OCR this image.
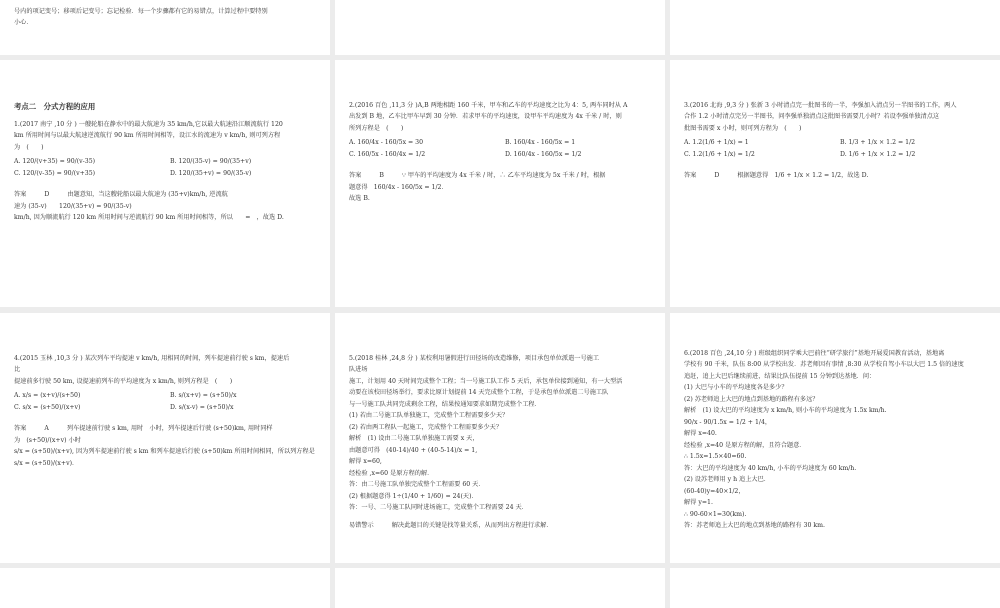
号内的项记变号；移项后记变号；忘记检验．每一个步骤都有它的易错点，计算过程中要特别

小心．

考点二　分式方程的应用

1.(2017 南宁 ,10 分 ) 一艘轮船在静水中的最大航速为 35 km/h,它以最大航速沿江顺流航行 120

km 所用时间与以最大航速逆流航行 90 km 所用时间相等，设江水的流速为 v km/h, 则可列方程

为　(　　)

A. 120/(v+35) = 90/(v-35)	B. 120/(35-v) = 90/(35+v)
C. 120/(v-35) = 90/(v+35)	D. 120/(35+v) = 90/(35-v)

答案	D	由题意知，当这艘轮船以最大航速为 (35+v)km/h, 逆流航

速为 (35-v)　　120/(35+v) = 90/(35-v)

km/h, 因为顺流航行 120 km 所用时间与逆流航行 90 km 所用时间相等，所以　　=　，故选 D.

2.(2016 百色 ,11,3 分 )A,B 两地相距 160 千米，甲车和乙车的平均速度之比为 4：5, 两车同时从 A

出发到 B 地，乙车比甲车早到 30 分钟．若求甲车的平均速度，设甲车平均速度为 4x 千米 / 时，则

所列方程是　(　　)

A. 160/4x - 160/5x = 30	B. 160/4x - 160/5x = 1
C. 160/5x - 160/4x = 1/2	D. 160/4x - 160/5x = 1/2

答案	B	∵ 甲车的平均速度为 4x 千米 / 时，∴ 乙车平均速度为 5x 千米 / 时，根据

题意得　160/4x - 160/5x = 1/2．

故选 B.

3.(2016 北海 ,9,3 分 ) 张新 3 小时清点完一批图书的一半，李强加入清点另一半图书的工作，两人

合作 1.2 小时清点完另一半图书，问李强单独清点这批图书需要几小时？若设李强单独清点这

批图书需要 x 小时，则可列方程为　(　　)

A. 1.2(1/6 + 1/x) = 1	B. 1/3 + 1/x × 1.2 = 1/2
C. 1.2(1/6 + 1/x) = 1/2	D. 1/6 + 1/x × 1.2 = 1/2

答案	D	根据题意得　1/6 + 1/x × 1.2 = 1/2，故选 D.

4.(2015 玉林 ,10,3 分 ) 某次列车平均提速 v km/h, 用相同的时间，列车提速前行驶 s km，提速后

比

提速前多行驶 50 km, 设提速前列车的平均速度为 x km/h, 则列方程是　(　　)

A. x/s = (x+v)/(s+50)	B. s/(x+v) = (s+50)/x
C. s/x = (s+50)/(x+v)	D. s/(x-v) = (s+50)/x

答案	A	列车提速前行驶 s km, 用时　小时，列车提速后行驶 (s+50)km, 用时同样

为　(s+50)/(x+v) 小时

s/x = (s+50)/(x+v), 因为列车提速前行驶 s km 和列车提速后行驶 (s+50)km 所用时间相同，所以列方程是

s/x = (s+50)/(x+v)．

5.(2018 桂林 ,24,8 分 ) 某校利用暑假进行田径场的改造维修，项目承包单位派遣一号施工

队进场

施工，计划用 40 天时间完成整个工程；当一号施工队工作 5 天后，承包单位接到通知，有一大型活

动要在该校田径场举行，要求比原计划提前 14 天完成整个工程，于是承包单位派遣二号施工队

与一号施工队共同完成剩余工程，结果按通知要求如期完成整个工程．

(1) 若由二号施工队单独施工，完成整个工程需要多少天？

(2) 若由两工程队一起施工，完成整个工程需要多少天？

解析　(1) 设由二号施工队单独施工需要 x 天，

由题意可得　(40-14)/40 + (40-5-14)/x = 1,

解得 x=60,

经检验 ,x=60 是原方程的解．

答：由二号施工队单独完成整个工程需要 60 天．

(2) 根据题意得 1÷(1/40 + 1/60) = 24(天)．

答：一号、二号施工队同时进场施工，完成整个工程需要 24 天．

易错警示	解决此题目的关键是找等量关系，从而列出方程进行求解．

6.(2018 百色 ,24,10 分 ) 班级组织同学乘大巴前往“研学旅行”基地开展爱国教育活动，基地离

学校有 90 千米，队伍 8:00 从学校出发．苏老师因有事情 ,8:30 从学校自驾小车以大巴 1.5 倍的速度

追赶，追上大巴后继续前进，结果比队伍提前 15 分钟到达基地．问：

(1) 大巴与小车的平均速度各是多少？

(2) 苏老师追上大巴的地点到基地的路程有多远？

解析　(1) 设大巴的平均速度为 x km/h, 则小车的平均速度为 1.5x km/h.

90/x - 90/1.5x = 1/2 + 1/4，

解得 x=40.

经检验 ,x=40 是原方程的解，且符合题意．

∴ 1.5x=1.5×40=60.

答：大巴的平均速度为 40 km/h, 小车的平均速度为 60 km/h.

(2) 设苏老师用 y h 追上大巴．

(60-40)y=40×1/2，

解得 y=1.

∴ 90-60×1=30(km).

答：苏老师追上大巴的地点到基地的路程有 30 km.
